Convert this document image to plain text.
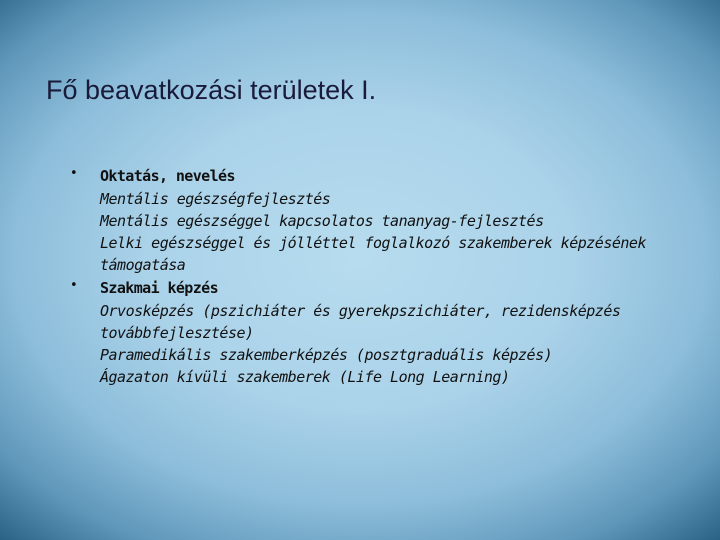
Fő beavatkozási területek I.
• Oktatás, nevelés
Mentális egészségfejlesztés
Mentális egészséggel kapcsolatos tananyag-fejlesztés
Lelki egészséggel és jólléttel foglalkozó szakemberek képzésének támogatása
• Szakmai képzés
Orvosképzés (pszichiáter és gyerekpszichiáter, rezidensképzés továbbfejlesztése)
Paramedikális szakemberképzés (posztgraduális képzés)
Ágazaton kívüli szakemberek (Life Long Learning)
